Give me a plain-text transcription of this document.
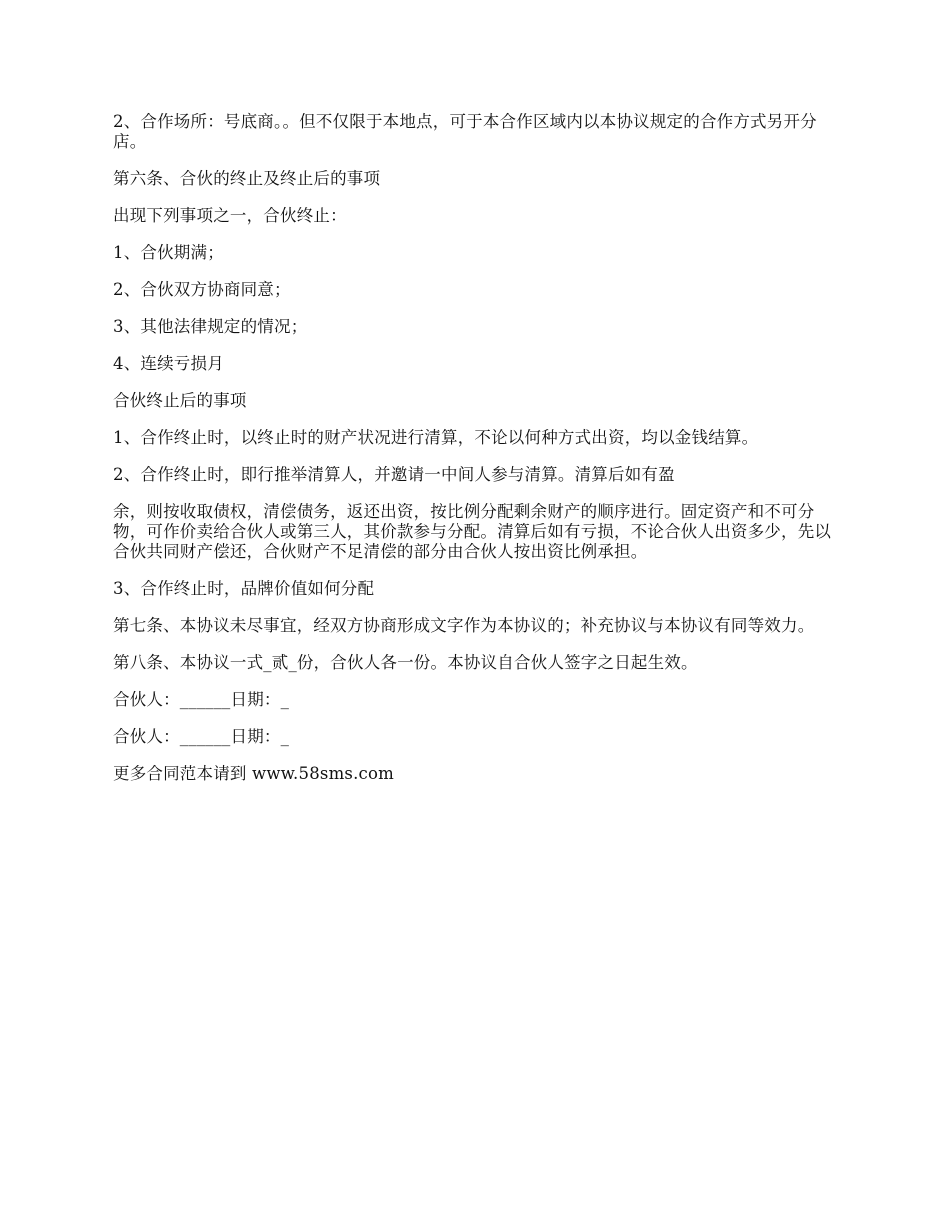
2、合作场所：号底商。。但不仅限于本地点，可于本合作区域内以本协议规定的合作方式另开分店。

第六条、合伙的终止及终止后的事项

出现下列事项之一，合伙终止：

1、合伙期满；

2、合伙双方协商同意；

3、其他法律规定的情况；

4、连续亏损月

合伙终止后的事项

1、合作终止时，以终止时的财产状况进行清算，不论以何种方式出资，均以金钱结算。

2、合作终止时，即行推举清算人，并邀请一中间人参与清算。清算后如有盈

余，则按收取债权，清偿债务，返还出资，按比例分配剩余财产的顺序进行。固定资产和不可分物，可作价卖给合伙人或第三人，其价款参与分配。清算后如有亏损，不论合伙人出资多少，先以合伙共同财产偿还，合伙财产不足清偿的部分由合伙人按出资比例承担。

3、合作终止时，品牌价值如何分配

第七条、本协议未尽事宜，经双方协商形成文字作为本协议的；补充协议与本协议有同等效力。

第八条、本协议一式_贰_份，合伙人各一份。本协议自合伙人签字之日起生效。

合伙人：______日期：_

合伙人：______日期：_

更多合同范本请到 www.58sms.com
